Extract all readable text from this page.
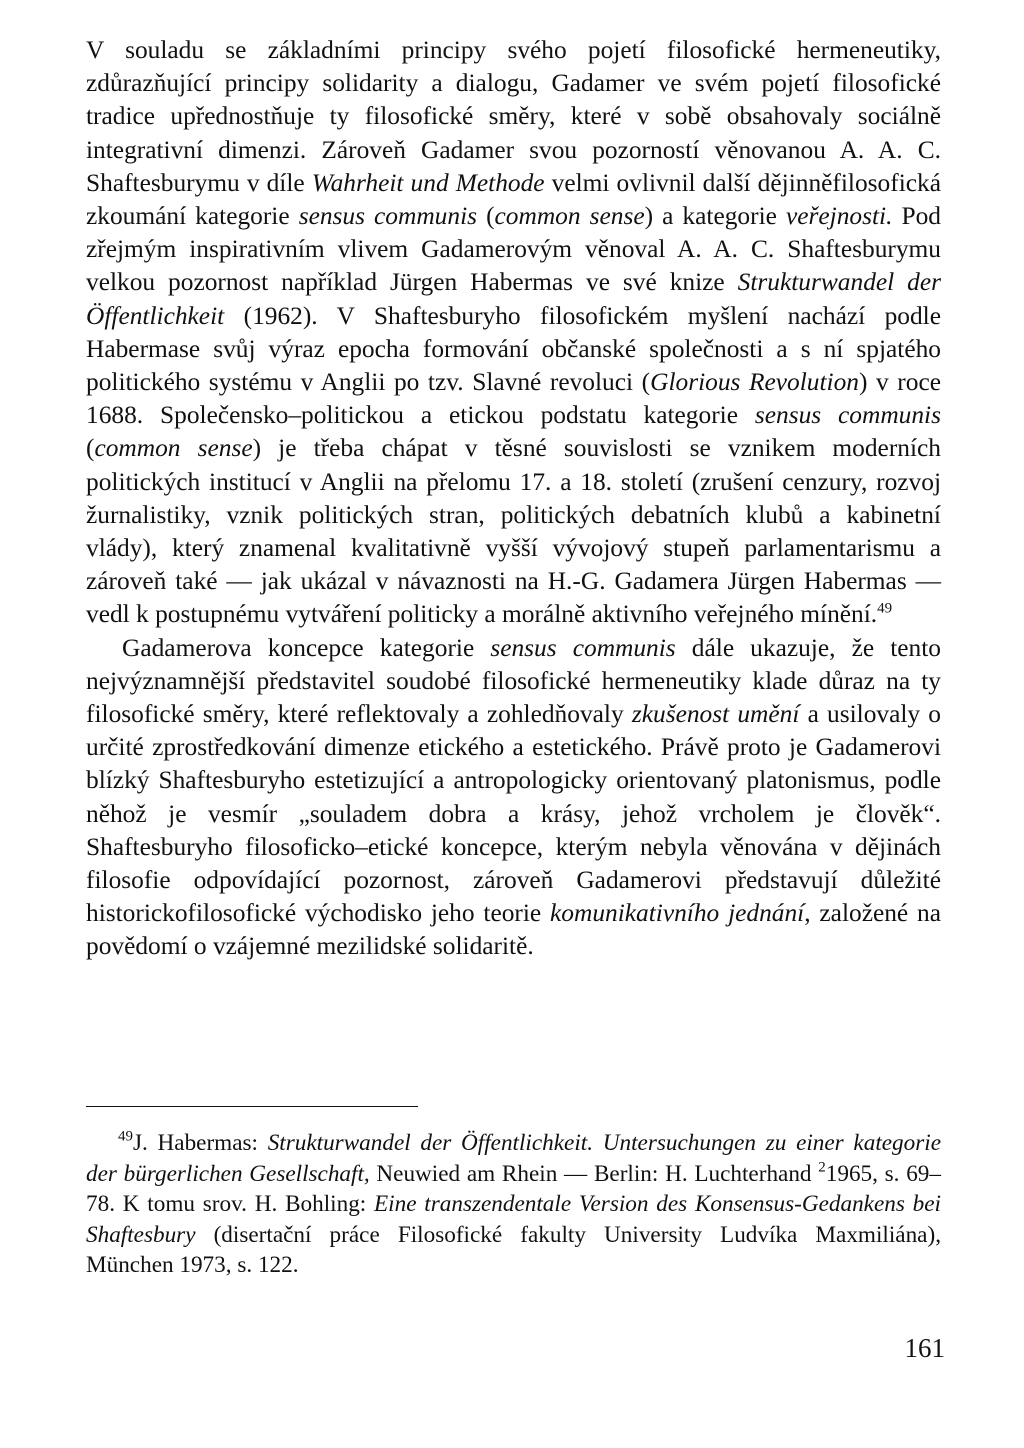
V souladu se základními principy svého pojetí filosofické hermeneutiky, zdůrazňující principy solidarity a dialogu, Gadamer ve svém pojetí filosofické tradice upřednostňuje ty filosofické směry, které v sobě obsahovaly sociálně integrativní dimenzi. Zároveň Gadamer svou pozorností věnovanou A. A. C. Shaftesburymu v díle Wahrheit und Methode velmi ovlivnil další dějinněfilosofická zkoumání kategorie sensus communis (common sense) a kategorie veřejnosti. Pod zřejmým inspirativním vlivem Gadamerovým věnoval A. A. C. Shaftesburymu velkou pozornost například Jürgen Habermas ve své knize Strukturwandel der Öffentlichkeit (1962). V Shaftesburyho filosofickém myšlení nachází podle Habermase svůj výraz epocha formování občanské společnosti a s ní spjatého politického systému v Anglii po tzv. Slavné revoluci (Glorious Revolution) v roce 1688. Společensko–politickou a etickou podstatu kategorie sensus communis (common sense) je třeba chápat v těsné souvislosti se vznikem moderních politických institucí v Anglii na přelomu 17. a 18. století (zrušení cenzury, rozvoj žurnalistiky, vznik politických stran, politických debatních klubů a kabinetní vlády), který znamenal kvalitativně vyšší vývojový stupeň parlamentarismu a zároveň také — jak ukázal v návaznosti na H.-G. Gadamera Jürgen Habermas — vedl k postupnému vytváření politicky a morálně aktivního veřejného mínění.$^{49}$

Gadamerova koncepce kategorie sensus communis dále ukazuje, že tento nejvýznamnější představitel soudobé filosofické hermeneutiky klade důraz na ty filosofické směry, které reflektovaly a zohledňovaly zkušenost umění a usilovaly o určité zprostředkování dimenze etického a estetického. Právě proto je Gadamerovi blízký Shaftesburyho estetizující a antropologicky orientovaný platonismus, podle něhož je vesmír „souladem dobra a krásy, jehož vrcholem je člověk“. Shaftesburyho filosoficko–etické koncepce, kterým nebyla věnována v dějinách filosofie odpovídající pozornost, zároveň Gadamerovi představují důležité historickofilosofické východisko jeho teorie komunikativního jednání, založené na povědomí o vzájemné mezilidské solidaritě.

$^{49}$J. Habermas: Strukturwandel der Öffentlichkeit. Untersuchungen zu einer kategorie der bürgerlichen Gesellschaft, Neuwied am Rhein — Berlin: H. Luchterhand $^2$1965, s. 69–78. K tomu srov. H. Bohling: Eine transzendentale Version des Konsensus-Gedankens bei Shaftesbury (disertační práce Filosofické fakulty University Ludvíka Maxmiliána), München 1973, s. 122.
161
